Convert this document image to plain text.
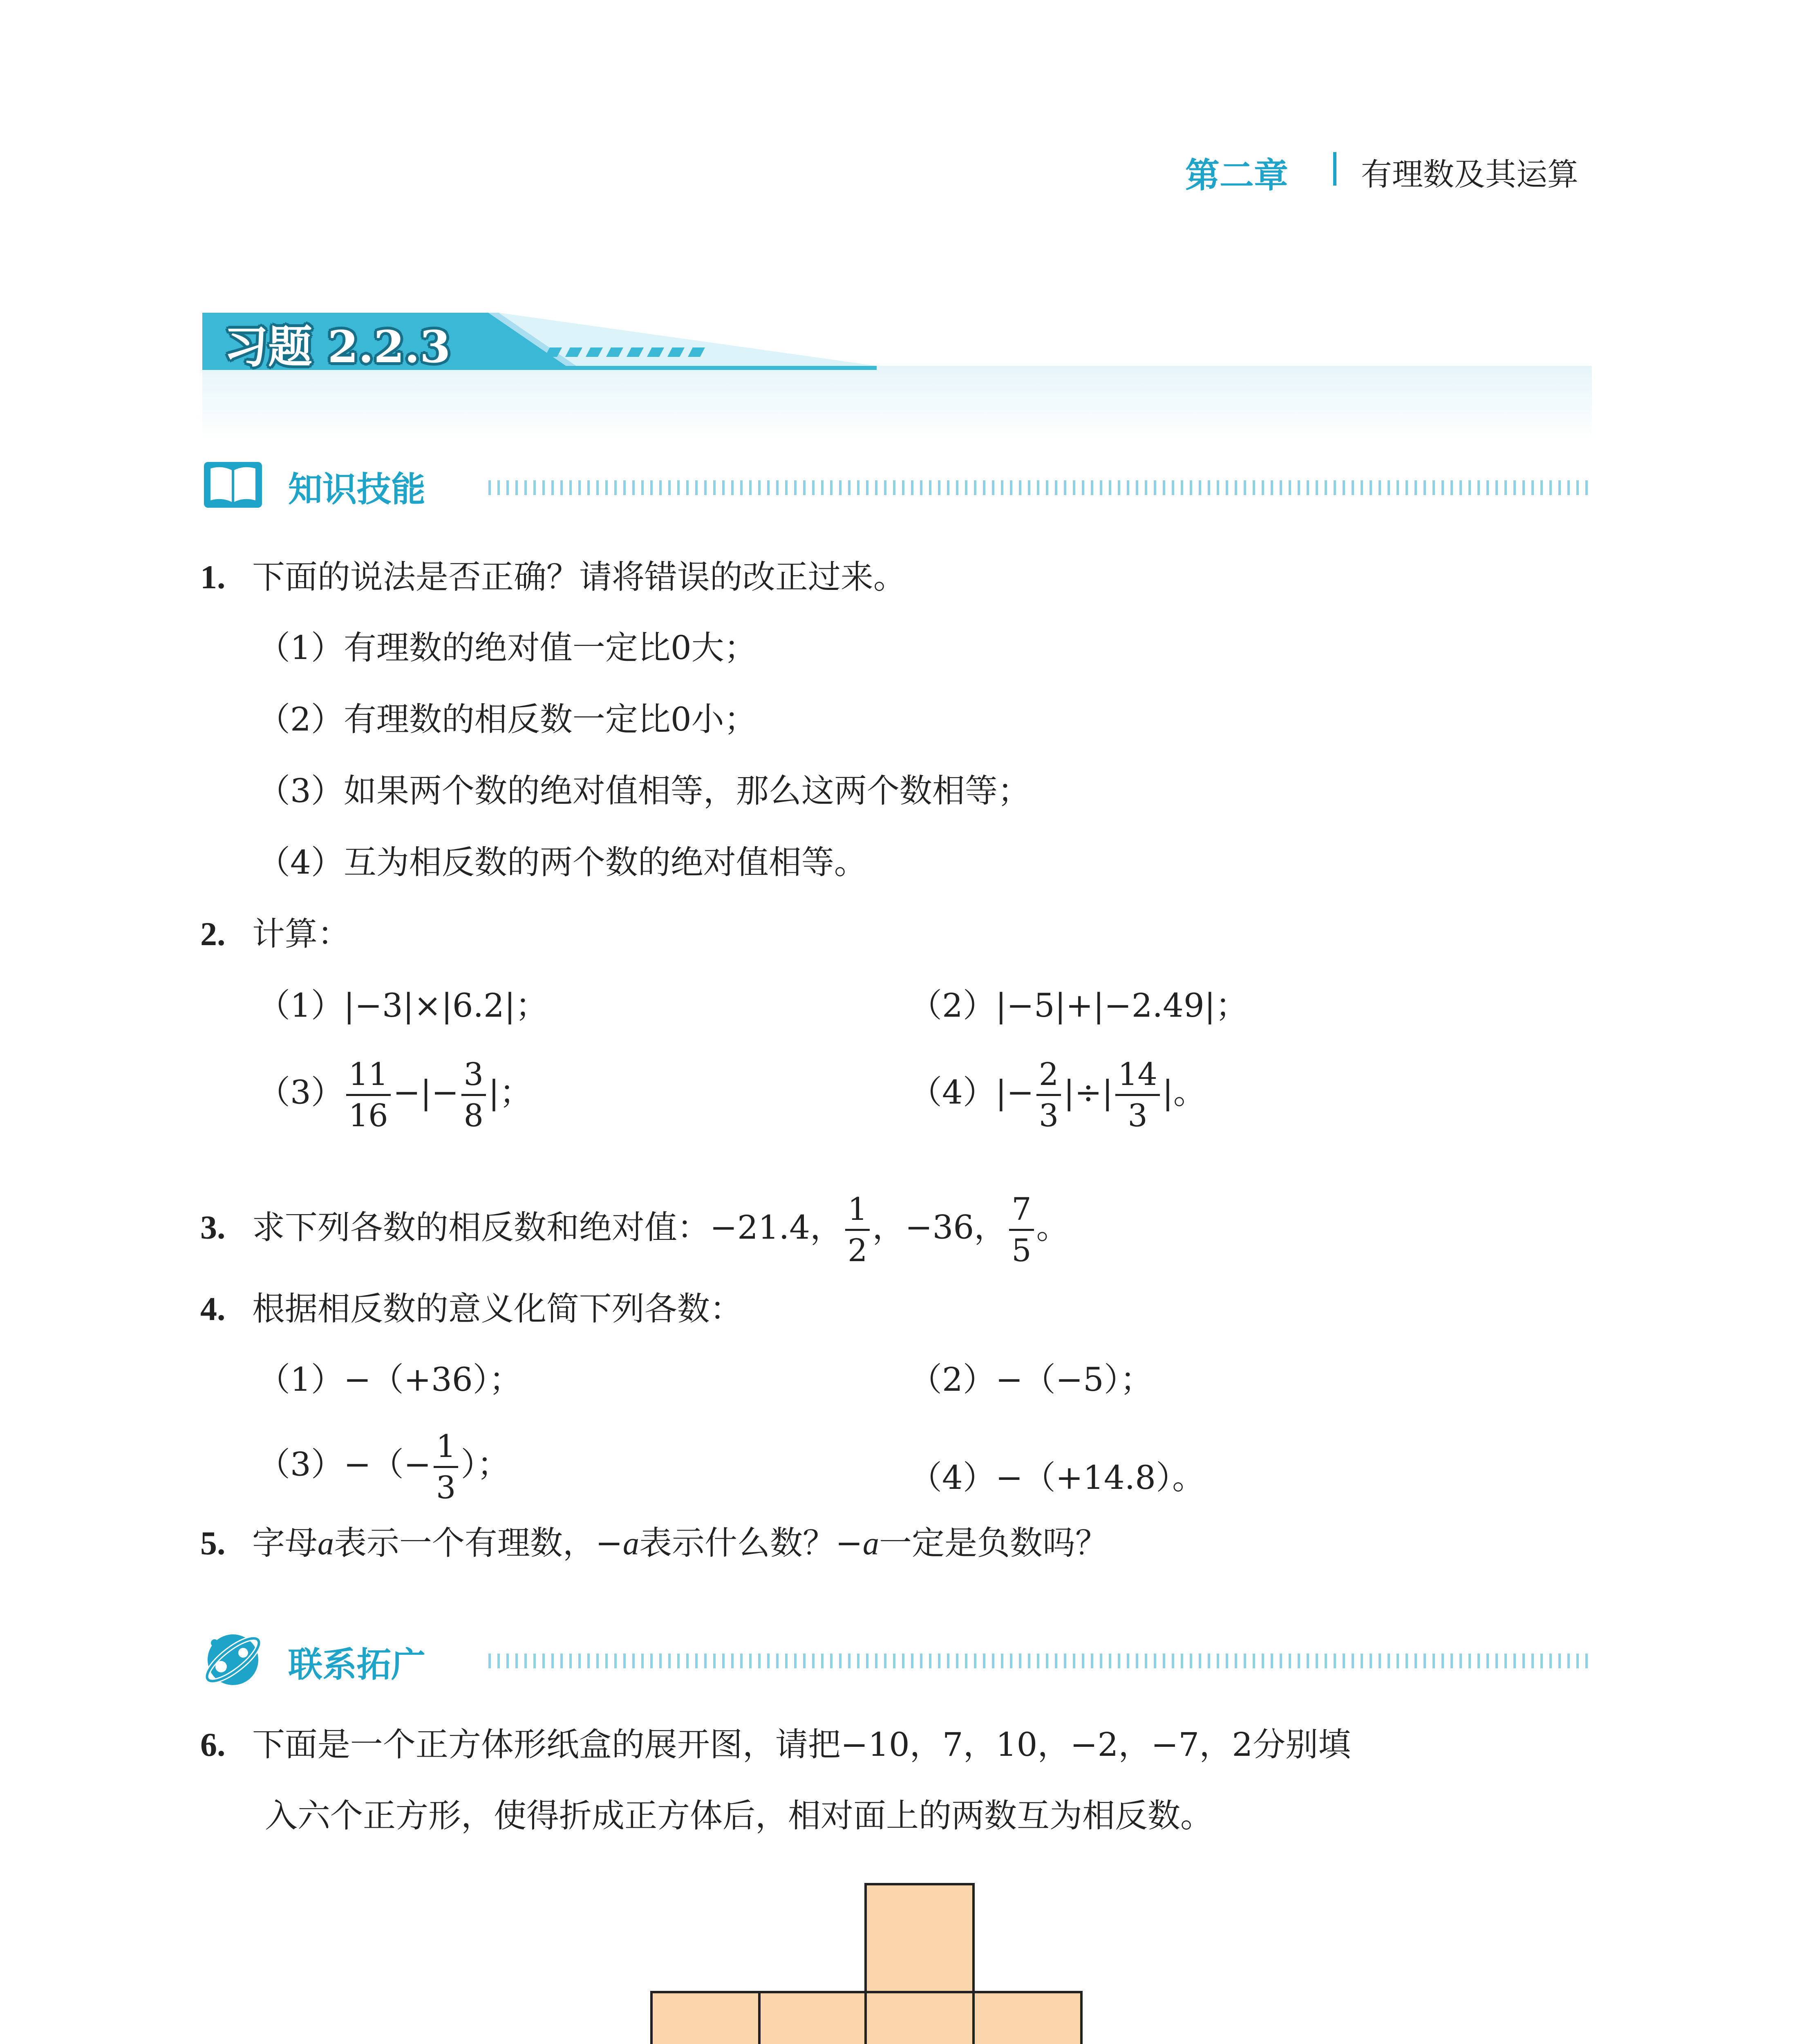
第二章 有理数及其运算
习题 2.2.3
知识技能
1. 下面的说法是否正确？请将错误的改正过来。
（1）有理数的绝对值一定比0大；
（2）有理数的相反数一定比0小；
（3）如果两个数的绝对值相等，那么这两个数相等；
（4）互为相反数的两个数的绝对值相等。
2. 计算：
（1）|−3|×|6.2|；	（2）|−5|+|−2.49|；
$(3) \frac{11}{16}$ −|− $\frac{3}{8}$ |；	$(4)|- \frac{2}{3}$ |÷| $\frac{14}{3}$ |。
3. 求下列各数的相反数和绝对值：−21.4， $\frac{1}{2}$ ，−36， $\frac{7}{5}$ 。
4. 根据相反数的意义化简下列各数：
（1）−（+36）；	（2）−（−5）；
$(3)-(- \frac{1}{3}$ ）；	（4）−（+14.8）。
5. 字母a表示一个有理数，−a表示什么数？−a一定是负数吗？
联系拓广
6. 下面是一个正方体形纸盒的展开图，请把−10，7，10，−2，−7，2分别填
入六个正方形，使得折成正方体后，相对面上的两数互为相反数。
